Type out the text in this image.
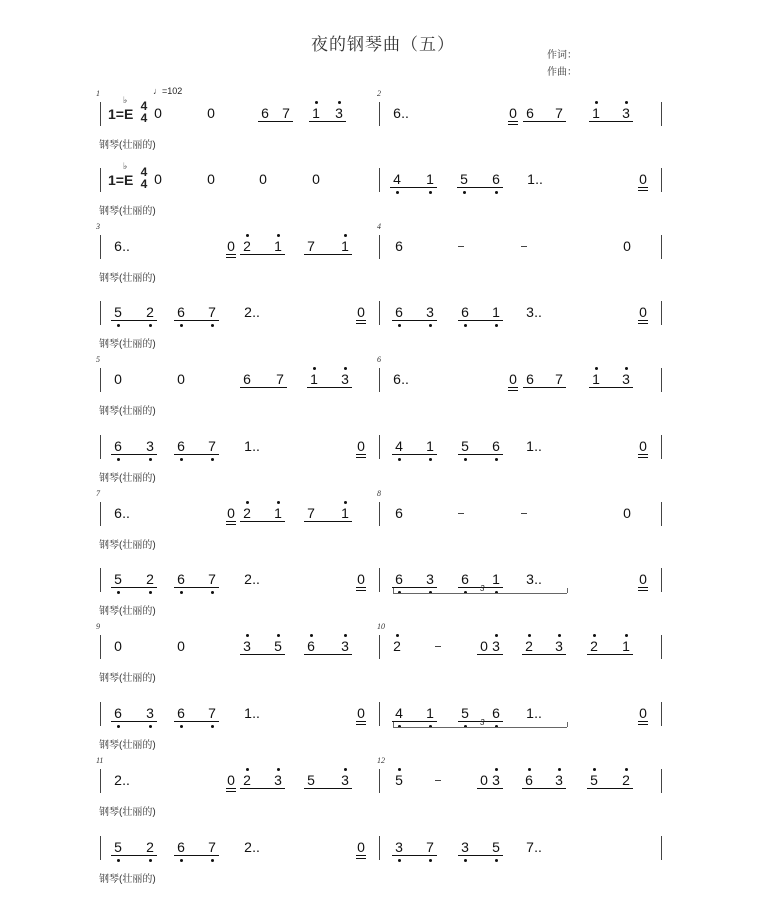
夜的钢琴曲（五）
作词：
作曲：
1	2
1=E
♭ 4
4
♩=102
0	0	6 7 1 3	6 ..	0 6 7 1 3
钢琴(壮丽的)
1=E
♭ 4
4 0	0	0	0	4 1 5 6 1 ..	0
钢琴(壮丽的)
3	4
6 ..	0 2 1 7 1	6	0
钢琴(壮丽的)
5 2 6 7 2 ..	0 6 3 6 1 3 ..	0
钢琴(壮丽的)
5	6
0	0	6 7 1 3	6 ..	0 6 7 1 3
钢琴(壮丽的)
6 3 6 7 1 ..	0 4 1 5 6 1 ..	0
钢琴(壮丽的)
7	8
6 ..	0 2 1 7 1	6	0
钢琴(壮丽的)
5 2 6 7 2 ..	0 6 3 6 1 3 ..	0
3
钢琴(壮丽的)
9	10
0	0	3 5 6 3	2	0 3 2 3 2 1
钢琴(壮丽的)
6 3 6 7 1 ..	0 4 1 5 6 1 ..	0
3
钢琴(壮丽的)
11	12
2 ..	0 2 3 5 3	5	0 3 6 3 5 2
钢琴(壮丽的)
5 2 6 7 2 ..	0 3 7 3 5 7 ..
钢琴(壮丽的)
